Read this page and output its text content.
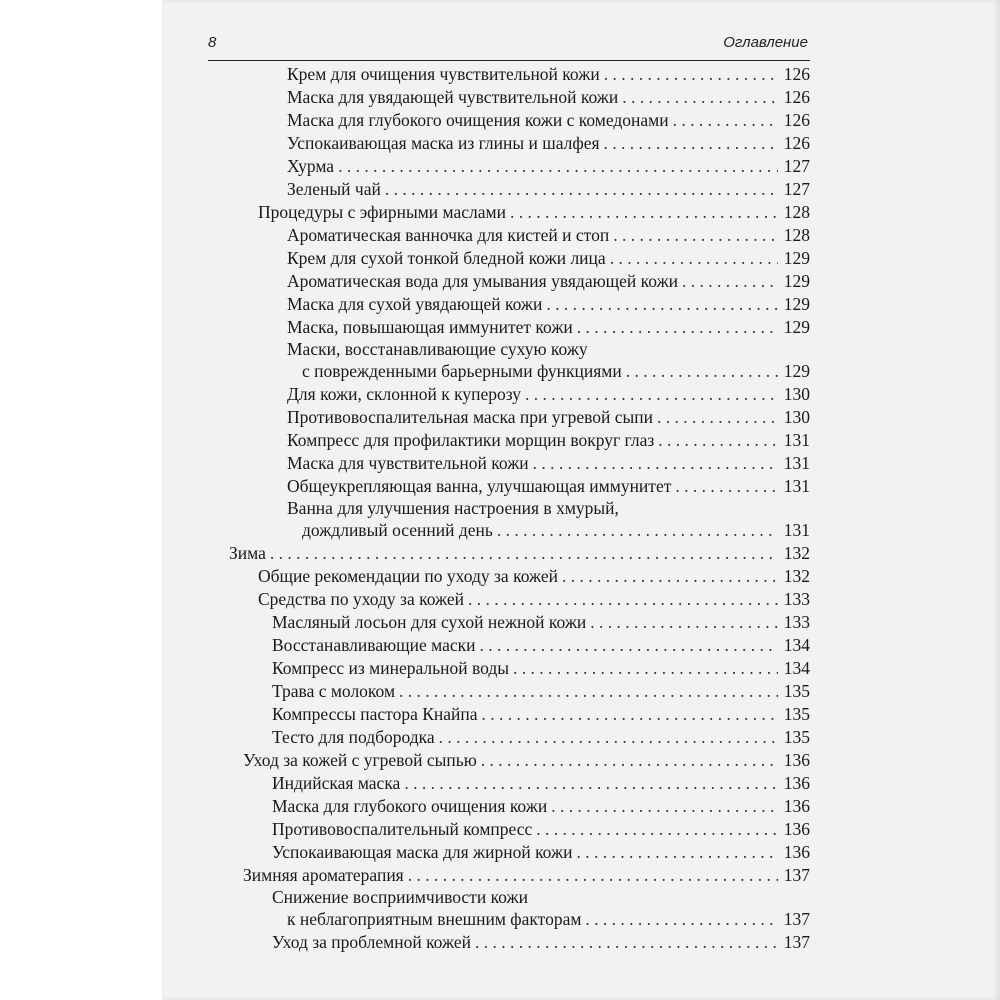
8	Оглавление
Крем для очищения чувствительной кожи . . .	126
Маска для увядающей чувствительной кожи . . .	126
Маска для глубокого очищения кожи с комедонами . . .	126
Успокаивающая маска из глины и шалфея . . .	126
Хурма . . .	127
Зеленый чай . . .	127
Процедуры с эфирными маслами . . .	128
Ароматическая ванночка для кистей и стоп . . .	128
Крем для сухой тонкой бледной кожи лица . . .	129
Ароматическая вода для умывания увядающей кожи . . .	129
Маска для сухой увядающей кожи . . .	129
Маска, повышающая иммунитет кожи . . .	129
Маски, восстанавливающие сухую кожу
с поврежденными барьерными функциями . . .	129
Для кожи, склонной к куперозу . . .	130
Противовоспалительная маска при угревой сыпи . . .	130
Компресс для профилактики морщин вокруг глаз . . .	131
Маска для чувствительной кожи . . .	131
Общеукрепляющая ванна, улучшающая иммунитет . . .	131
Ванна для улучшения настроения в хмурый,
дождливый осенний день . . .	131
Зима . . .	132
Общие рекомендации по уходу за кожей . . .	132
Средства по уходу за кожей . . .	133
Масляный лосьон для сухой нежной кожи . . .	133
Восстанавливающие маски . . .	134
Компресс из минеральной воды . . .	134
Трава с молоком . . .	135
Компрессы пастора Кнайпа . . .	135
Тесто для подбородка . . .	135
Уход за кожей с угревой сыпью . . .	136
Индийская маска . . .	136
Маска для глубокого очищения кожи . . .	136
Противовоспалительный компресс . . .	136
Успокаивающая маска для жирной кожи . . .	136
Зимняя ароматерапия . . .	137
Снижение восприимчивости кожи
к неблагоприятным внешним факторам . . .	137
Уход за проблемной кожей . . .	137
